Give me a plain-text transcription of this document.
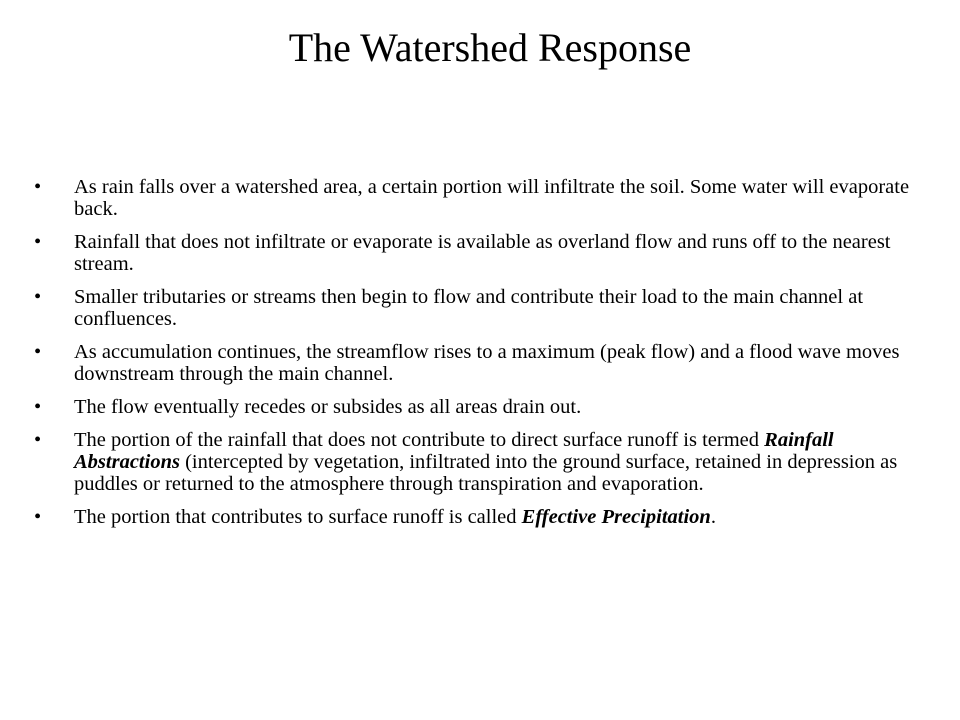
The Watershed Response
•	As rain falls over a watershed area, a certain portion will infiltrate the soil. Some water will evaporate back.
•	Rainfall that does not infiltrate or evaporate is available as overland flow and runs off to the nearest stream.
•	Smaller tributaries or streams then begin to flow and contribute their load to the main channel at confluences.
•	As accumulation continues, the streamflow rises to a maximum (peak flow) and a flood wave moves downstream through the main channel.
•	The flow eventually recedes or subsides as all areas drain out.
•	The portion of the rainfall that does not contribute to direct surface runoff is termed Rainfall Abstractions (intercepted by vegetation, infiltrated into the ground surface, retained in depression as puddles or returned to the atmosphere through transpiration and evaporation.
•	The portion that contributes to surface runoff is called Effective Precipitation.
